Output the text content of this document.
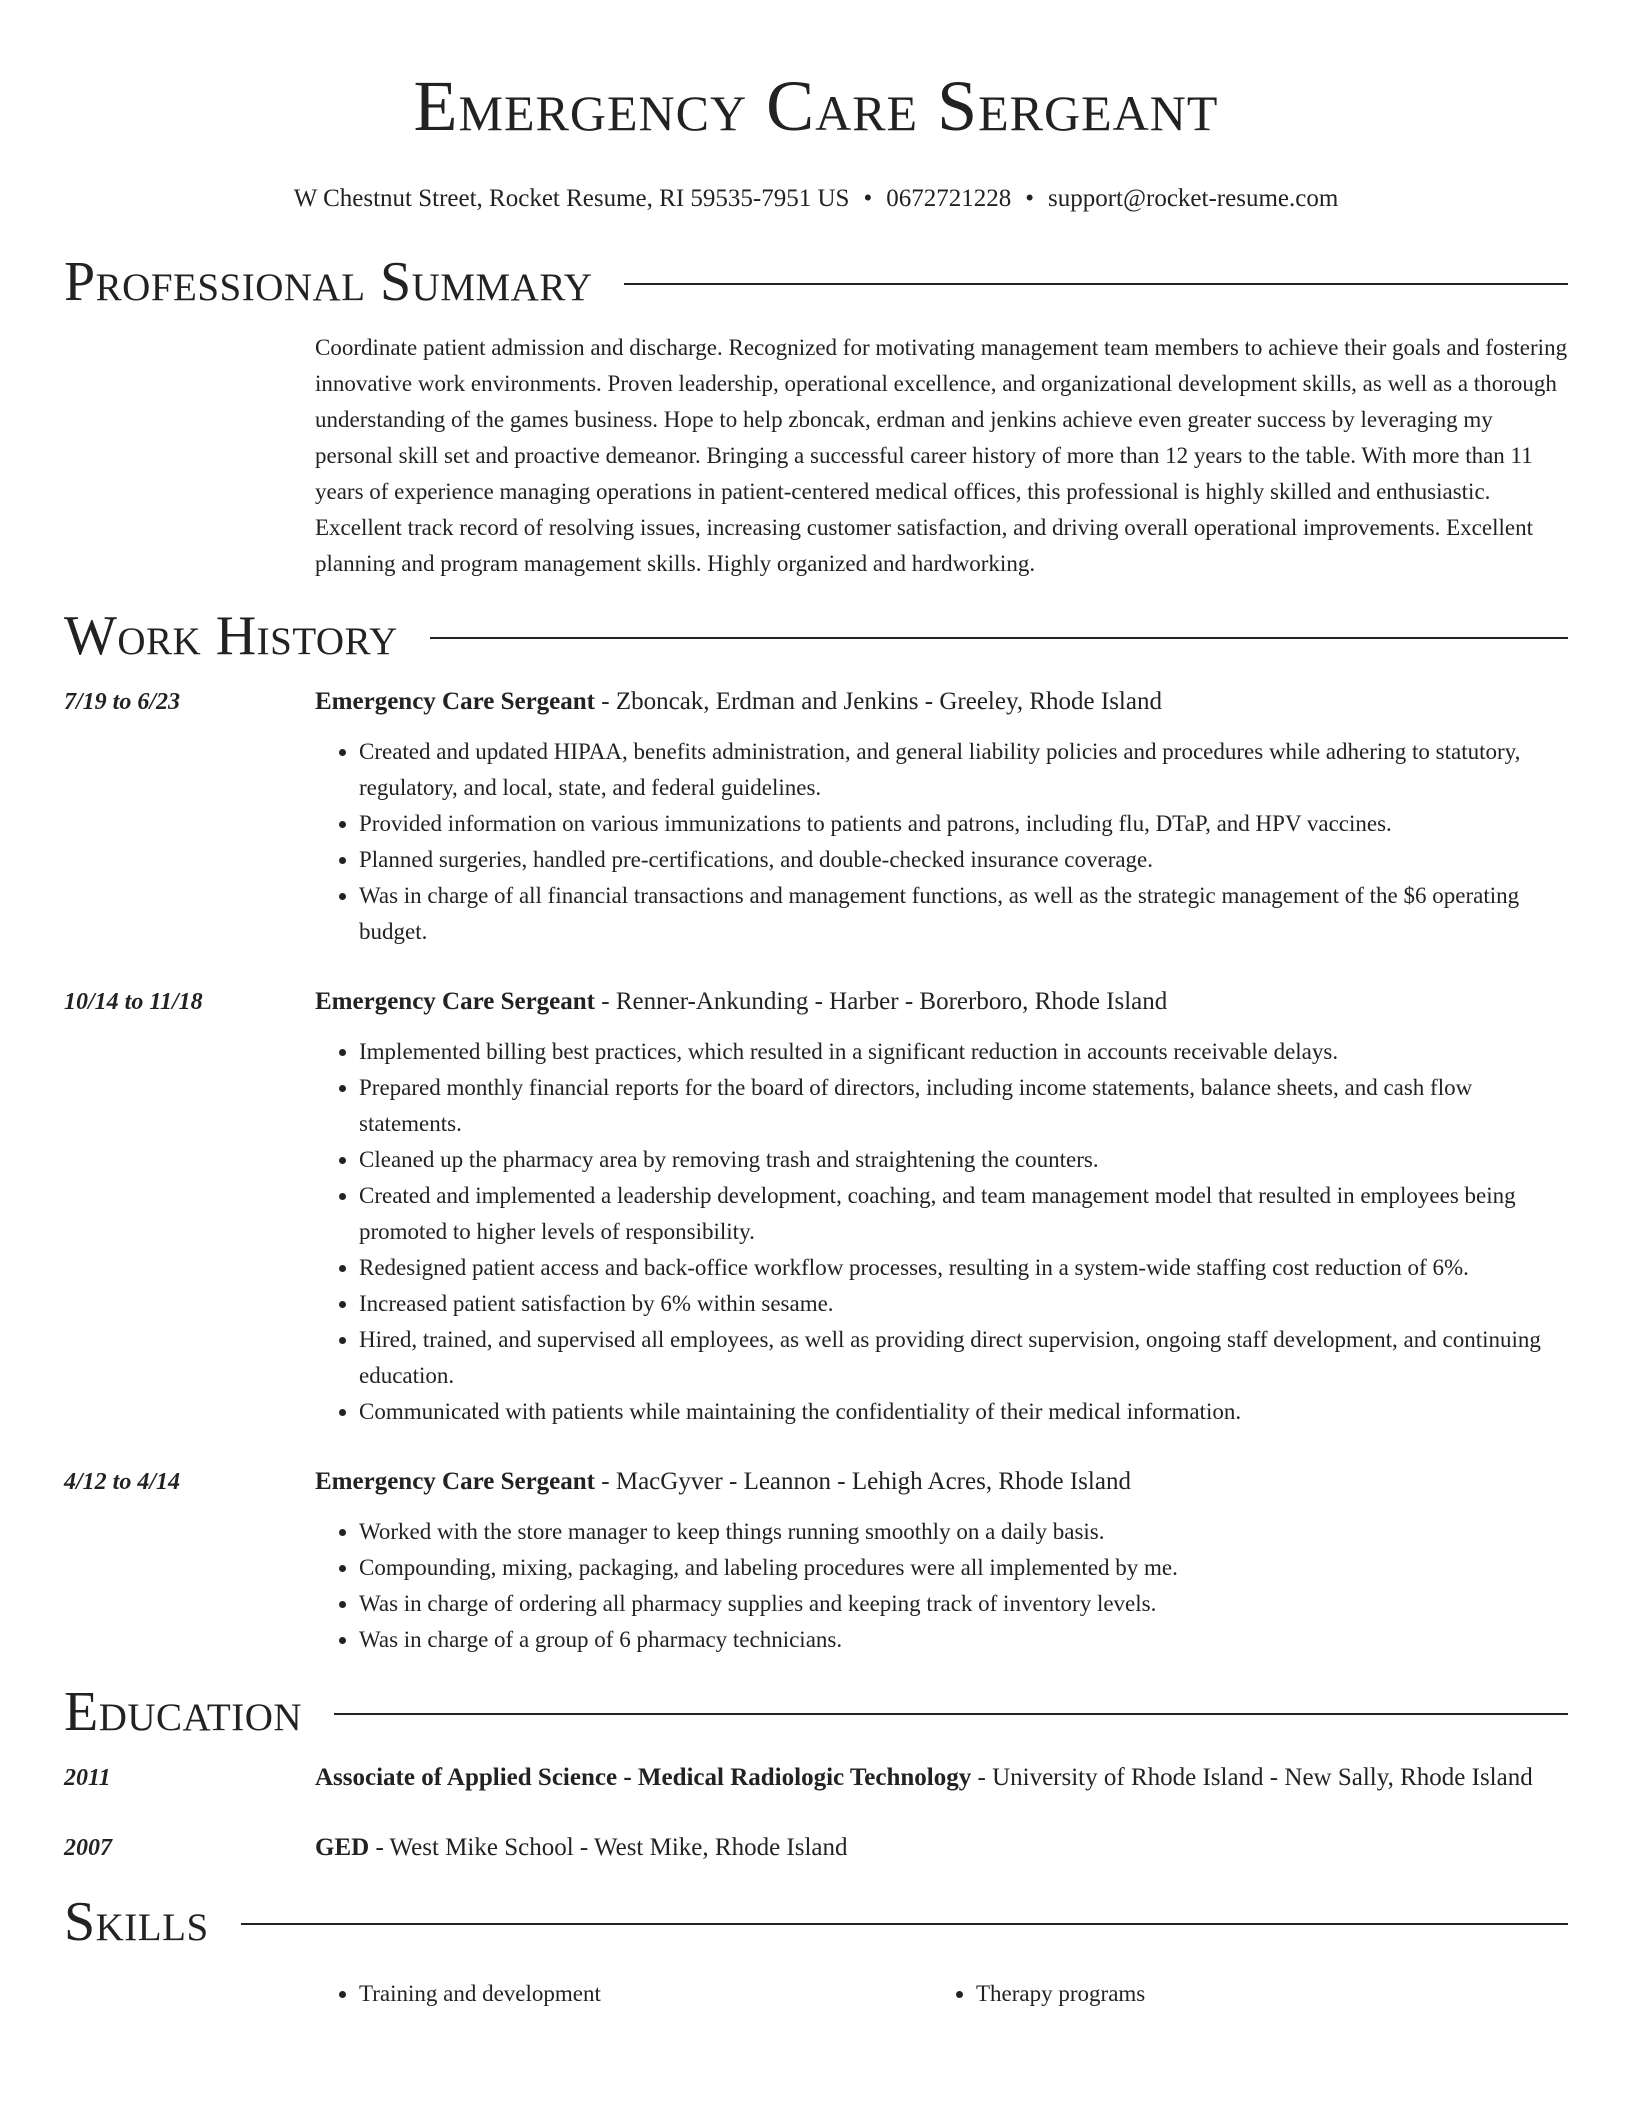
Emergency Care Sergeant
W Chestnut Street, Rocket Resume, RI 59535-7951 US • 0672721228 • support@rocket-resume.com
Professional Summary
Coordinate patient admission and discharge. Recognized for motivating management team members to achieve their goals and fostering innovative work environments. Proven leadership, operational excellence, and organizational development skills, as well as a thorough understanding of the games business. Hope to help zboncak, erdman and jenkins achieve even greater success by leveraging my personal skill set and proactive demeanor. Bringing a successful career history of more than 12 years to the table. With more than 11 years of experience managing operations in patient-centered medical offices, this professional is highly skilled and enthusiastic. Excellent track record of resolving issues, increasing customer satisfaction, and driving overall operational improvements. Excellent planning and program management skills. Highly organized and hardworking.
Work History
7/19 to 6/23	Emergency Care Sergeant - Zboncak, Erdman and Jenkins - Greeley, Rhode Island
• Created and updated HIPAA, benefits administration, and general liability policies and procedures while adhering to statutory, regulatory, and local, state, and federal guidelines.
• Provided information on various immunizations to patients and patrons, including flu, DTaP, and HPV vaccines.
• Planned surgeries, handled pre-certifications, and double-checked insurance coverage.
• Was in charge of all financial transactions and management functions, as well as the strategic management of the $6 operating budget.
10/14 to 11/18	Emergency Care Sergeant - Renner-Ankunding - Harber - Borerboro, Rhode Island
• Implemented billing best practices, which resulted in a significant reduction in accounts receivable delays.
• Prepared monthly financial reports for the board of directors, including income statements, balance sheets, and cash flow statements.
• Cleaned up the pharmacy area by removing trash and straightening the counters.
• Created and implemented a leadership development, coaching, and team management model that resulted in employees being promoted to higher levels of responsibility.
• Redesigned patient access and back-office workflow processes, resulting in a system-wide staffing cost reduction of 6%.
• Increased patient satisfaction by 6% within sesame.
• Hired, trained, and supervised all employees, as well as providing direct supervision, ongoing staff development, and continuing education.
• Communicated with patients while maintaining the confidentiality of their medical information.
4/12 to 4/14	Emergency Care Sergeant - MacGyver - Leannon - Lehigh Acres, Rhode Island
• Worked with the store manager to keep things running smoothly on a daily basis.
• Compounding, mixing, packaging, and labeling procedures were all implemented by me.
• Was in charge of ordering all pharmacy supplies and keeping track of inventory levels.
• Was in charge of a group of 6 pharmacy technicians.
Education
2011	Associate of Applied Science - Medical Radiologic Technology - University of Rhode Island - New Sally, Rhode Island
2007	GED - West Mike School - West Mike, Rhode Island
Skills
• Training and development
•	Therapy programs
